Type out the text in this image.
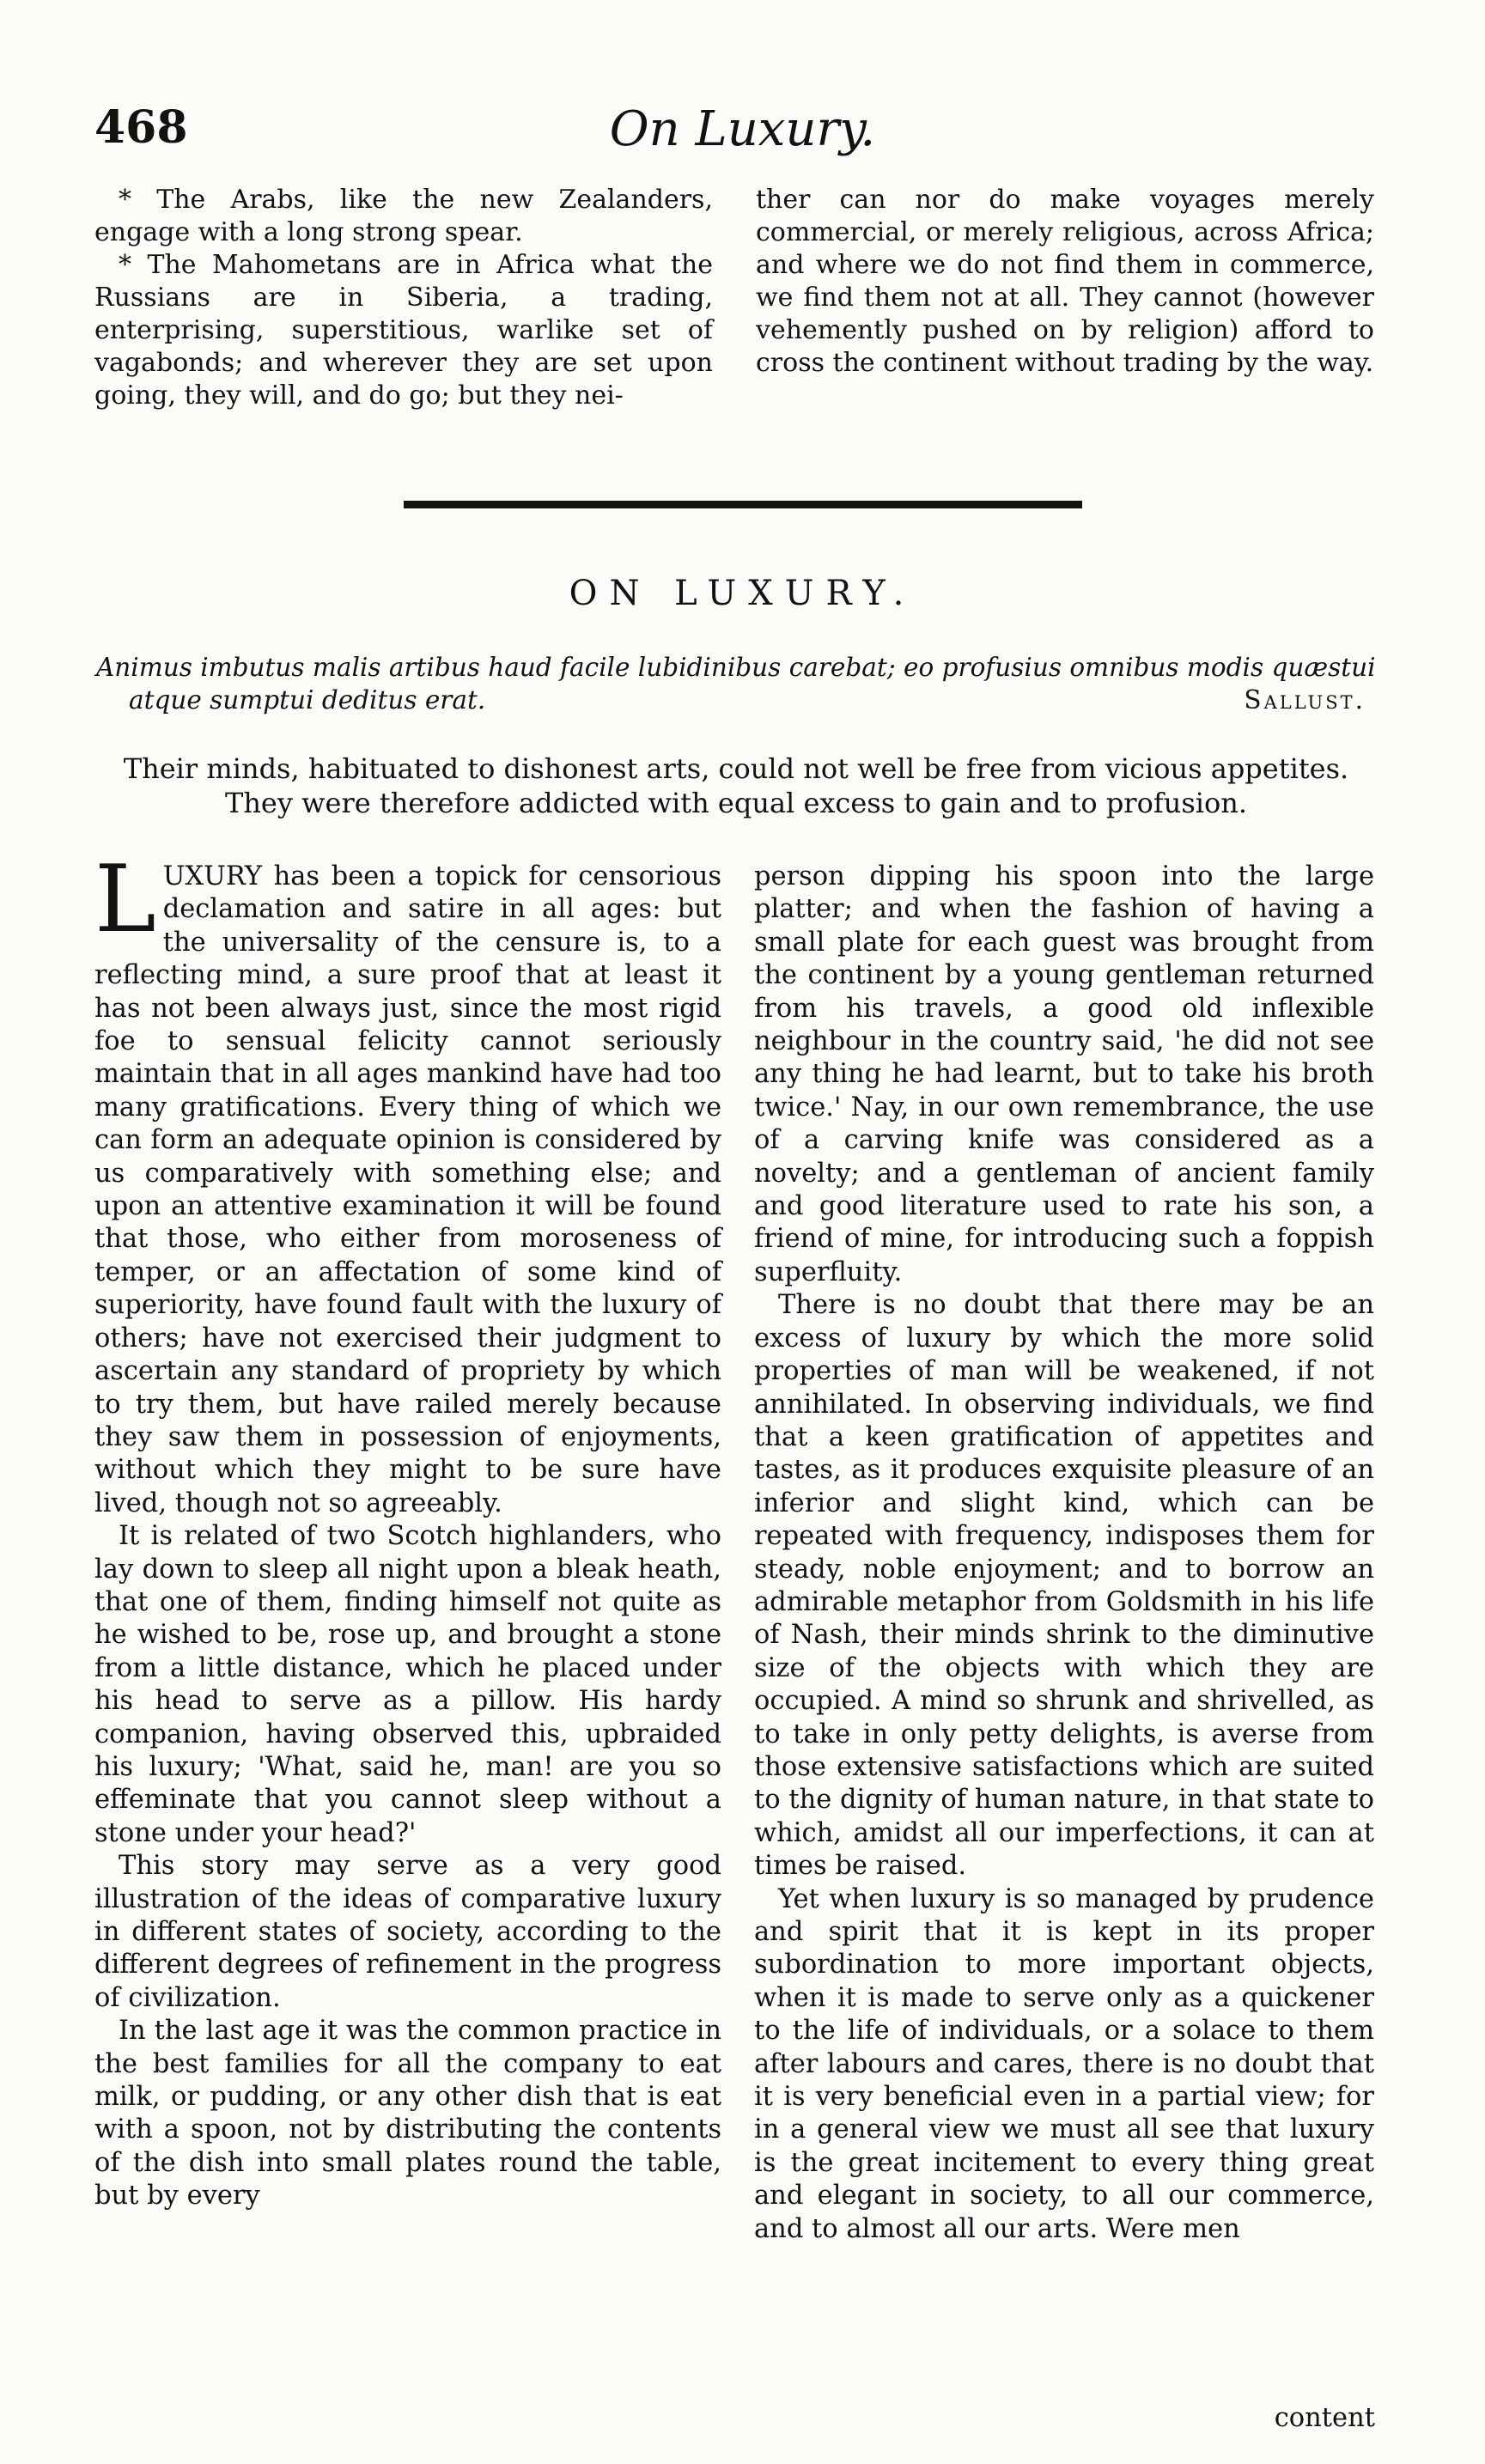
468	On Luxury.

* The Arabs, like the new Zealanders, engage with a long strong spear.

* The Mahometans are in Africa what the Russians are in Siberia, a trading, enterprising, superstitious, warlike set of vagabonds; and wherever they are set upon going, they will, and do go; but they nei-

ther can nor do make voyages merely commercial, or merely religious, across Africa; and where we do not find them in commerce, we find them not at all. They cannot (however vehemently pushed on by religion) afford to cross the continent without trading by the way.

ON LUXURY.
Animus imbutus malis artibus haud facile lubidinibus carebat; eo profusius omnibus modis quæstui
atque sumptui deditus erat.	Sallust.
Their minds, habituated to dishonest arts, could not well be free from vicious appetites.
They were therefore addicted with equal excess to gain and to profusion.

LUXURY has been a topick for censorious declamation and satire in all ages: but the universality of the censure is, to a reflecting mind, a sure proof that at least it has not been always just, since the most rigid foe to sensual felicity cannot seriously maintain that in all ages mankind have had too many gratifications. Every thing of which we can form an adequate opinion is considered by us comparatively with something else; and upon an attentive examination it will be found that those, who either from moroseness of temper, or an affectation of some kind of superiority, have found fault with the luxury of others; have not exercised their judgment to ascertain any standard of propriety by which to try them, but have railed merely because they saw them in possession of enjoyments, without which they might to be sure have lived, though not so agreeably.

It is related of two Scotch highlanders, who lay down to sleep all night upon a bleak heath, that one of them, finding himself not quite as he wished to be, rose up, and brought a stone from a little distance, which he placed under his head to serve as a pillow. His hardy companion, having observed this, upbraided his luxury; 'What, said he, man! are you so effeminate that you cannot sleep without a stone under your head?'

This story may serve as a very good illustration of the ideas of comparative luxury in different states of society, according to the different degrees of refinement in the progress of civilization.

In the last age it was the common practice in the best families for all the company to eat milk, or pudding, or any other dish that is eat with a spoon, not by distributing the contents of the dish into small plates round the table, but by every

person dipping his spoon into the large platter; and when the fashion of having a small plate for each guest was brought from the continent by a young gentleman returned from his travels, a good old inflexible neighbour in the country said, 'he did not see any thing he had learnt, but to take his broth twice.' Nay, in our own remembrance, the use of a carving knife was considered as a novelty; and a gentleman of ancient family and good literature used to rate his son, a friend of mine, for introducing such a foppish superfluity.

There is no doubt that there may be an excess of luxury by which the more solid properties of man will be weakened, if not annihilated. In observing individuals, we find that a keen gratification of appetites and tastes, as it produces exquisite pleasure of an inferior and slight kind, which can be repeated with frequency, indisposes them for steady, noble enjoyment; and to borrow an admirable metaphor from Goldsmith in his life of Nash, their minds shrink to the diminutive size of the objects with which they are occupied. A mind so shrunk and shrivelled, as to take in only petty delights, is averse from those extensive satisfactions which are suited to the dignity of human nature, in that state to which, amidst all our imperfections, it can at times be raised.

Yet when luxury is so managed by prudence and spirit that it is kept in its proper subordination to more important objects, when it is made to serve only as a quickener to the life of individuals, or a solace to them after labours and cares, there is no doubt that it is very beneficial even in a partial view; for in a general view we must all see that luxury is the great incitement to every thing great and elegant in society, to all our commerce, and to almost all our arts. Were men

content
